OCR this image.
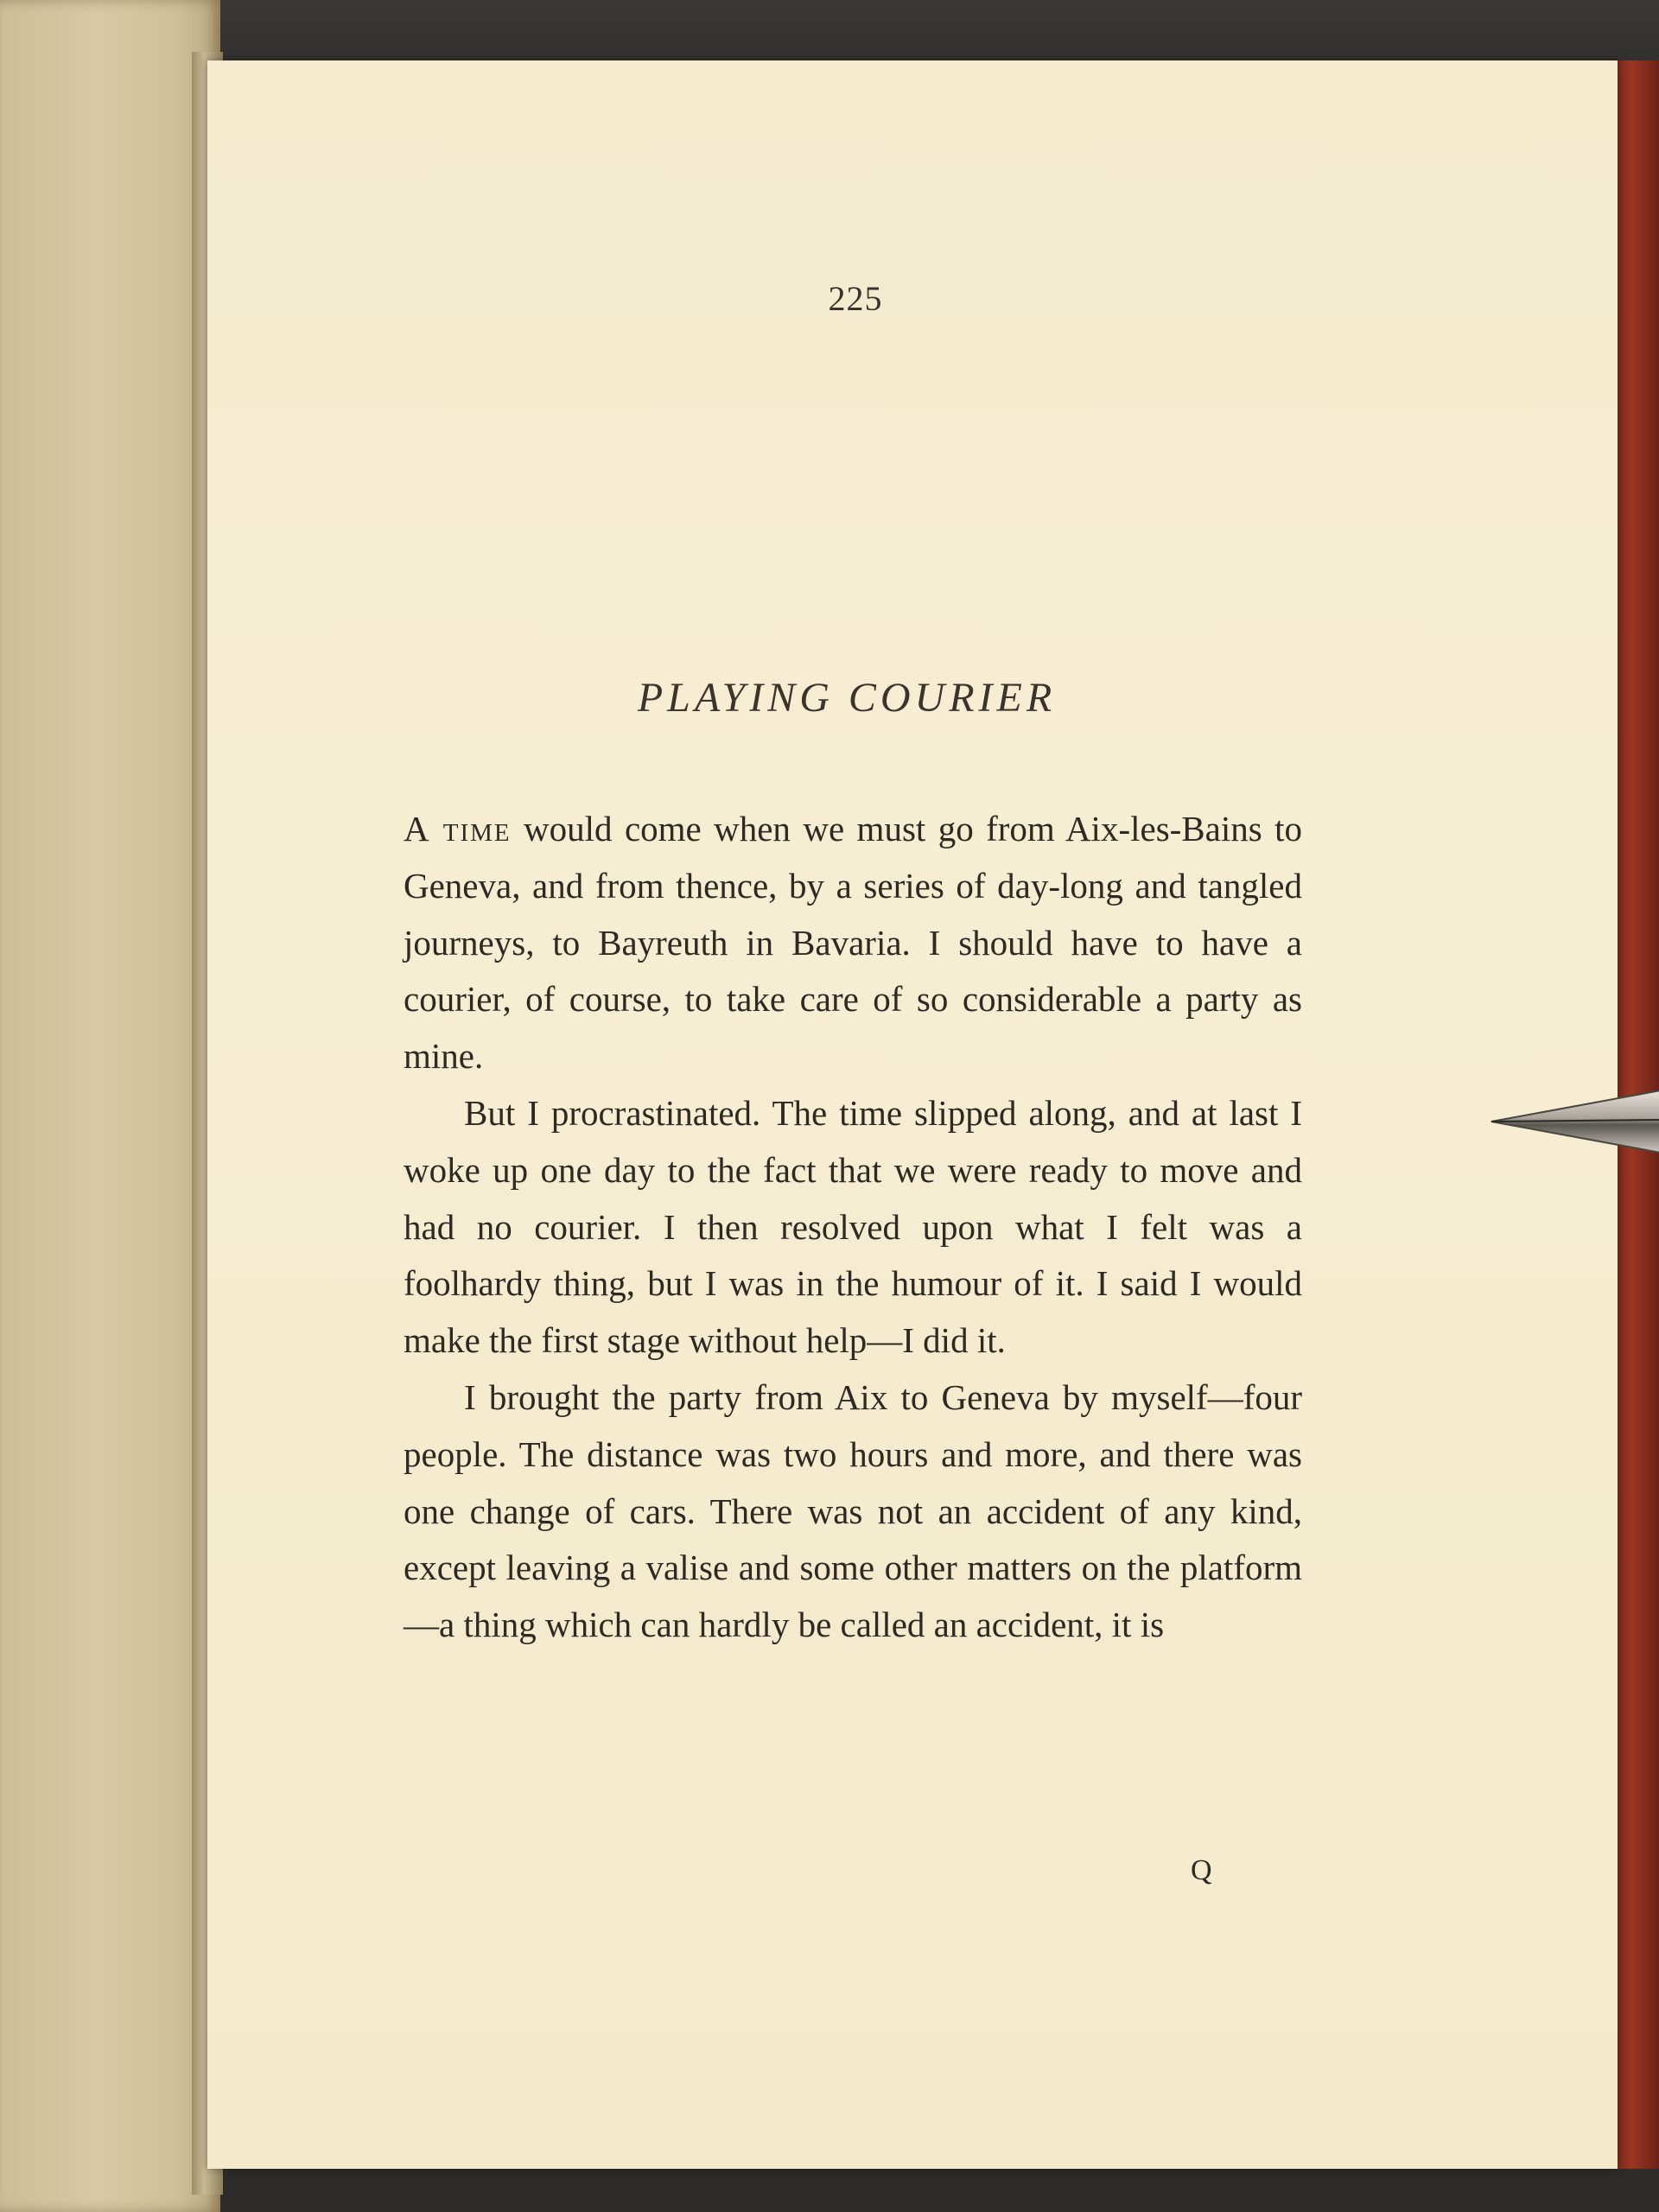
225
PLAYING COURIER

A time would come when we must go from Aix-les-Bains to Geneva, and from thence, by a series of day-long and tangled journeys, to Bayreuth in Bavaria. I should have to have a courier, of course, to take care of so considerable a party as mine.

But I procrastinated. The time slipped along, and at last I woke up one day to the fact that we were ready to move and had no courier. I then resolved upon what I felt was a foolhardy thing, but I was in the humour of it. I said I would make the first stage without help—I did it.

I brought the party from Aix to Geneva by myself—four people. The distance was two hours and more, and there was one change of cars. There was not an accident of any kind, except leaving a valise and some other matters on the platform—a thing which can hardly be called an accident, it is

Q
